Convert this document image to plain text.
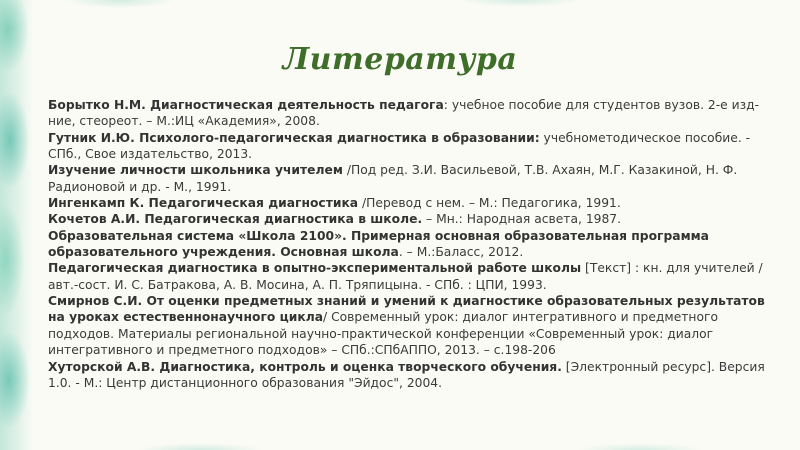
Литература

Борытко Н.М. Диагностическая деятельность педагога: учебное пособие для студентов вузов. 2-е изд-ние, стеореот. – М.:ИЦ «Академия», 2008.

Гутник И.Ю. Психолого-педагогическая диагностика в образовании: учебнометодическое пособие. - СПб., Свое издательство, 2013.

Изучение личности школьника учителем /Под ред. З.И. Васильевой, Т.В. Ахаян, М.Г. Казакиной, Н. Ф. Радионовой и др. - М., 1991.

Ингенкамп К. Педагогическая диагностика /Перевод с нем. – М.: Педагогика, 1991.

Кочетов А.И. Педагогическая диагностика в школе. – Мн.: Народная асвета, 1987.

Образовательная система «Школа 2100». Примерная основная образовательная программа образовательного учреждения. Основная школа. – М.:Баласс, 2012.

Педагогическая диагностика в опытно-экспериментальной работе школы [Текст] : кн. для учителей / авт.-сост. И. С. Батракова, А. В. Мосина, А. П. Тряпицына. - СПб. : ЦПИ, 1993.

Смирнов С.И. От оценки предметных знаний и умений к диагностике образовательных результатов на уроках естественнонаучного цикла/ Современный урок: диалог интегративного и предметного подходов. Материалы региональной научно-практической конференции «Современный урок: диалог интегративного и предметного подходов» – СПб.:СПбАППО, 2013. – с.198-206

Хуторской А.В. Диагностика, контроль и оценка творческого обучения. [Электронный ресурс]. Версия 1.0. - М.: Центр дистанционного образования "Эйдос", 2004.
